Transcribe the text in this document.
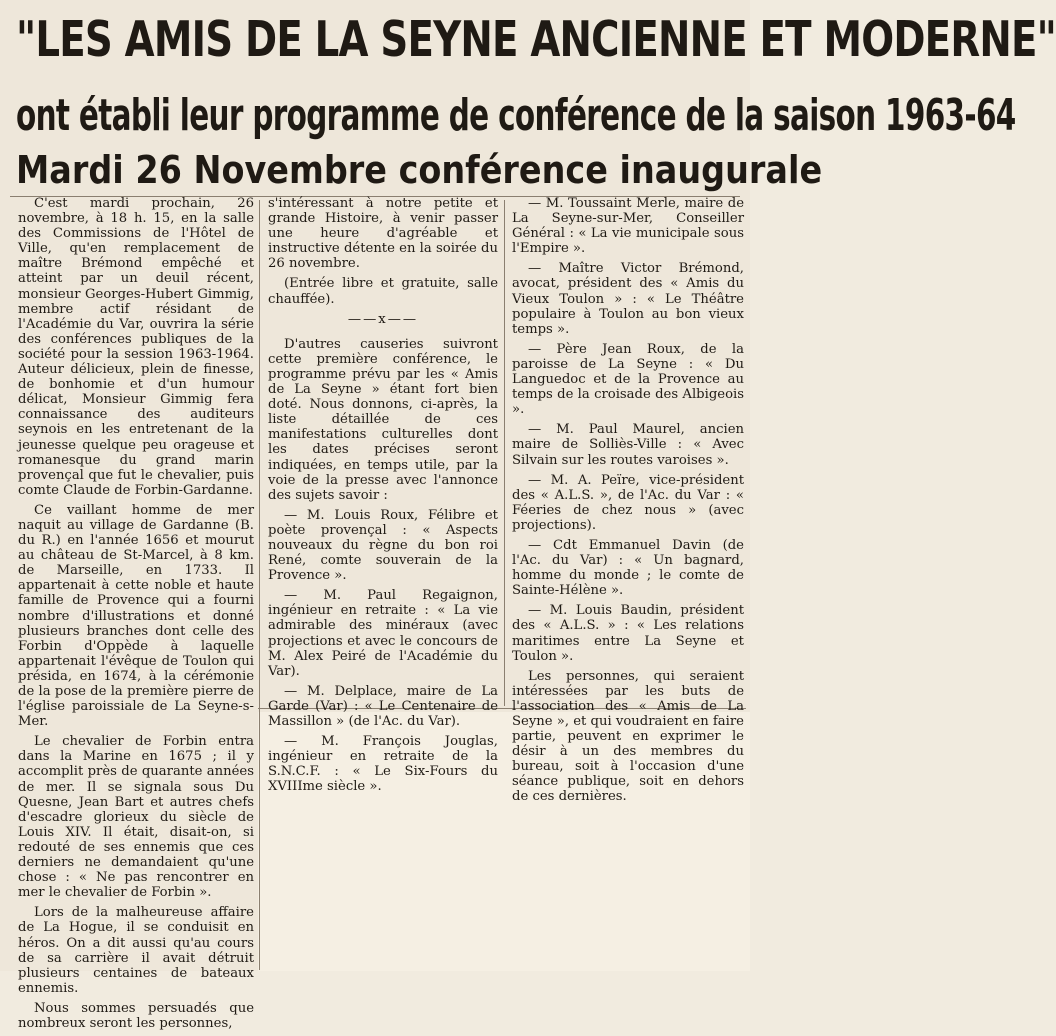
"LES AMIS DE LA SEYNE ANCIENNE ET MODERNE"
ont établi leur programme de conférence de la saison 1963-64
Mardi 26 Novembre conférence inaugurale

C'est mardi prochain, 26 novembre, à 18 h. 15, en la salle des Commissions de l'Hôtel de Ville, qu'en remplacement de maître Brémond empêché et atteint par un deuil récent, monsieur Georges-Hubert Gimmig, membre actif résidant de l'Académie du Var, ouvrira la série des conférences publiques de la société pour la session 1963-1964. Auteur délicieux, plein de finesse, de bonhomie et d'un humour délicat, Monsieur Gimmig fera connaissance des auditeurs seynois en les entretenant de la jeunesse quelque peu orageuse et romanesque du grand marin provençal que fut le chevalier, puis comte Claude de Forbin-Gardanne.

Ce vaillant homme de mer naquit au village de Gardanne (B. du R.) en l'année 1656 et mourut au château de St-Marcel, à 8 km. de Marseille, en 1733. Il appartenait à cette noble et haute famille de Provence qui a fourni nombre d'illustrations et donné plusieurs branches dont celle des Forbin d'Oppède à laquelle appartenait l'évêque de Toulon qui présida, en 1674, à la cérémonie de la pose de la première pierre de l'église paroissiale de La Seyne-s-Mer.

Le chevalier de Forbin entra dans la Marine en 1675 ; il y accomplit près de quarante années de mer. Il se signala sous Du Quesne, Jean Bart et autres chefs d'escadre glorieux du siècle de Louis XIV. Il était, disait-on, si redouté de ses ennemis que ces derniers ne demandaient qu'une chose : « Ne pas rencontrer en mer le chevalier de Forbin ».

Lors de la malheureuse affaire de La Hogue, il se conduisit en héros. On a dit aussi qu'au cours de sa carrière il avait détruit plusieurs centaines de bateaux ennemis.

Nous sommes persuadés que nombreux seront les personnes,

s'intéressant à notre petite et grande Histoire, à venir passer une heure d'agréable et instructive détente en la soirée du 26 novembre.

(Entrée libre et gratuite, salle chauffée).

——x——

D'autres causeries suivront cette première conférence, le programme prévu par les « Amis de La Seyne » étant fort bien doté. Nous donnons, ci-après, la liste détaillée de ces manifestations culturelles dont les dates précises seront indiquées, en temps utile, par la voie de la presse avec l'annonce des sujets savoir :

— M. Louis Roux, Félibre et poète provençal : « Aspects nouveaux du règne du bon roi René, comte souverain de la Provence ».

— M. Paul Regaignon, ingénieur en retraite : « La vie admirable des minéraux (avec projections et avec le concours de M. Alex Peiré de l'Académie du Var).

— M. Delplace, maire de La Garde (Var) : « Le Centenaire de Massillon » (de l'Ac. du Var).

— M. François Jouglas, ingénieur en retraite de la S.N.C.F. : « Le Six-Fours du XVIIIme siècle ».

— M. Toussaint Merle, maire de La Seyne-sur-Mer, Conseiller Général : « La vie municipale sous l'Empire ».

— Maître Victor Brémond, avocat, président des « Amis du Vieux Toulon » : « Le Théâtre populaire à Toulon au bon vieux temps ».

— Père Jean Roux, de la paroisse de La Seyne : « Du Languedoc et de la Provence au temps de la croisade des Albigeois ».

— M. Paul Maurel, ancien maire de Solliès-Ville : « Avec Silvain sur les routes varoises ».

— M. A. Peïre, vice-président des « A.L.S. », de l'Ac. du Var : « Féeries de chez nous » (avec projections).

— Cdt Emmanuel Davin (de l'Ac. du Var) : « Un bagnard, homme du monde ; le comte de Sainte-Hélène ».

— M. Louis Baudin, président des « A.L.S. » : « Les relations maritimes entre La Seyne et Toulon ».

Les personnes, qui seraient intéressées par les buts de l'association des « Amis de La Seyne », et qui voudraient en faire partie, peuvent en exprimer le désir à un des membres du bureau, soit à l'occasion d'une séance publique, soit en dehors de ces dernières.
